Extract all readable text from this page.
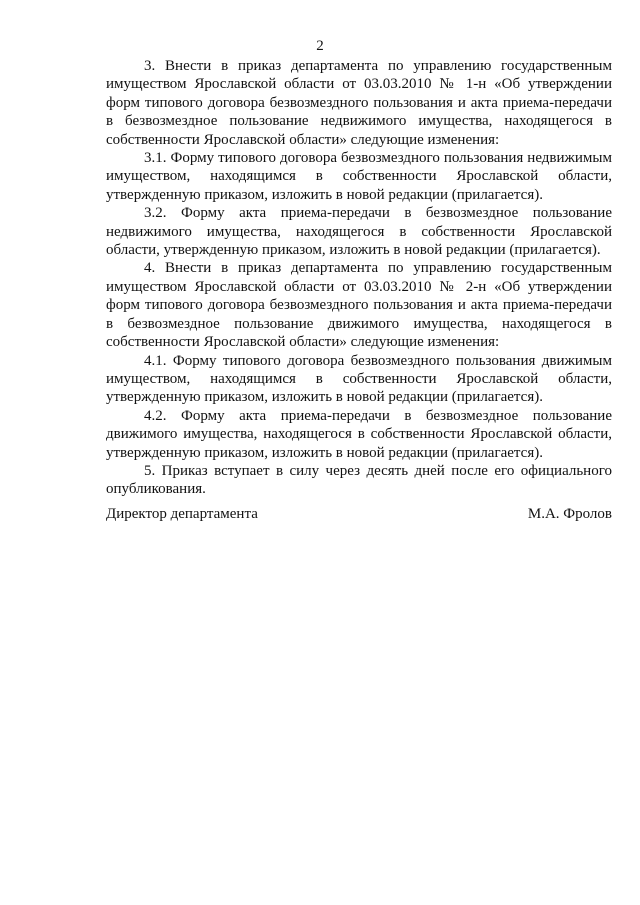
2

3. Внести в приказ департамента по управлению государственным имуществом Ярославской области от 03.03.2010 № 1-н «Об утверждении форм типового договора безвозмездного пользования и акта приема-передачи в безвозмездное пользование недвижимого имущества, находящегося в собственности Ярославской области» следующие изменения:

3.1. Форму типового договора безвозмездного пользования недвижимым имуществом, находящимся в собственности Ярославской области, утвержденную приказом, изложить в новой редакции (прилагается).

3.2. Форму акта приема-передачи в безвозмездное пользование недвижимого имущества, находящегося в собственности Ярославской области, утвержденную приказом, изложить в новой редакции (прилагается).

4. Внести в приказ департамента по управлению государственным имуществом Ярославской области от 03.03.2010 № 2-н «Об утверждении форм типового договора безвозмездного пользования и акта приема-передачи в безвозмездное пользование движимого имущества, находящегося в собственности Ярославской области» следующие изменения:

4.1. Форму типового договора безвозмездного пользования движимым имуществом, находящимся в собственности Ярославской области, утвержденную приказом, изложить в новой редакции (прилагается).

4.2. Форму акта приема-передачи в безвозмездное пользование движимого имущества, находящегося в собственности Ярославской области, утвержденную приказом, изложить в новой редакции (прилагается).

5. Приказ вступает в силу через десять дней после его официального опубликования.

Директор департамента	М.А. Фролов
